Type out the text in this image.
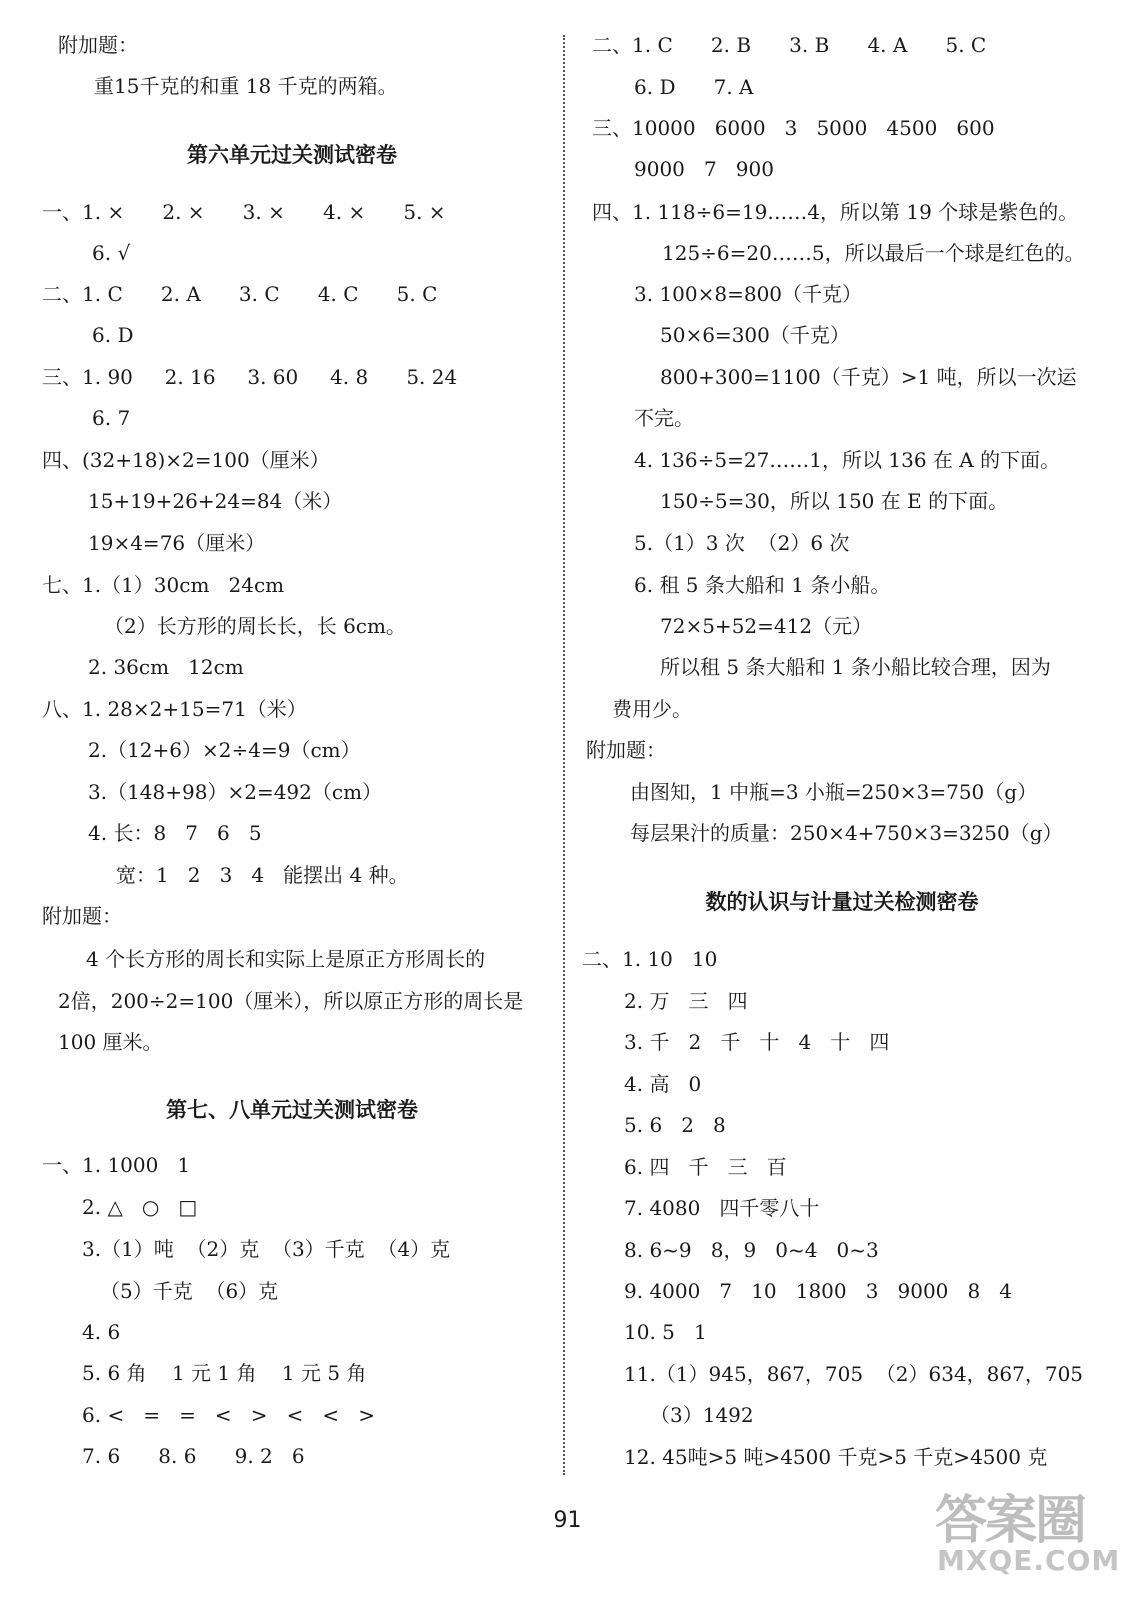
附加题：
重15千克的和重 18 千克的两箱。
第六单元过关测试密卷
一、1. ×      2. ×      3. ×      4. ×      5. ×
6. √
二、1. C      2. A      3. C      4. C      5. C
6. D
三、1. 90     2. 16     3. 60     4. 8      5. 24
6. 7
四、(32+18)×2=100（厘米）
15+19+26+24=84（米）
19×4=76（厘米）
七、1.（1）30cm   24cm
（2）长方形的周长长，长 6cm。
2. 36cm   12cm
八、1. 28×2+15=71（米）
2.（12+6）×2÷4=9（cm）
3.（148+98）×2=492（cm）
4. 长：8   7   6   5
宽：1   2   3   4   能摆出 4 种。
附加题：
4 个长方形的周长和实际上是原正方形周长的
2倍，200÷2=100（厘米），所以原正方形的周长是
100 厘米。
第七、八单元过关测试密卷
一、1. 1000   1
2. △   ○   □
3.（1）吨  （2）克  （3）千克  （4）克
（5）千克  （6）克
4. 6
5. 6 角    1 元 1 角    1 元 5 角
6. <   =   =   <   >   <   <   >
7. 6      8. 6      9. 2   6
二、1. C      2. B      3. B      4. A      5. C
6. D      7. A
三、10000   6000   3   5000   4500   600
9000   7   900
四、1. 118÷6=19……4，所以第 19 个球是紫色的。
125÷6=20……5，所以最后一个球是红色的。
3. 100×8=800（千克）
50×6=300（千克）
800+300=1100（千克）>1 吨，所以一次运
不完。
4. 136÷5=27……1，所以 136 在 A 的下面。
150÷5=30，所以 150 在 E 的下面。
5.（1）3 次  （2）6 次
6. 租 5 条大船和 1 条小船。
72×5+52=412（元）
所以租 5 条大船和 1 条小船比较合理，因为
费用少。
附加题：
由图知，1 中瓶=3 小瓶=250×3=750（g）
每层果汁的质量：250×4+750×3=3250（g）
数的认识与计量过关检测密卷
二、1. 10   10
2. 万   三   四
3. 千   2   千   十   4   十   四
4. 高   0
5. 6   2   8
6. 四   千   三   百
7. 4080   四千零八十
8. 6~9   8，9   0~4   0~3
9. 4000   7   10   1800   3   9000   8   4
10. 5   1
11.（1）945，867，705  （2）634，867，705
（3）1492
12. 45吨>5 吨>4500 千克>5 千克>4500 克
91	答案圈
MXQE.COM
